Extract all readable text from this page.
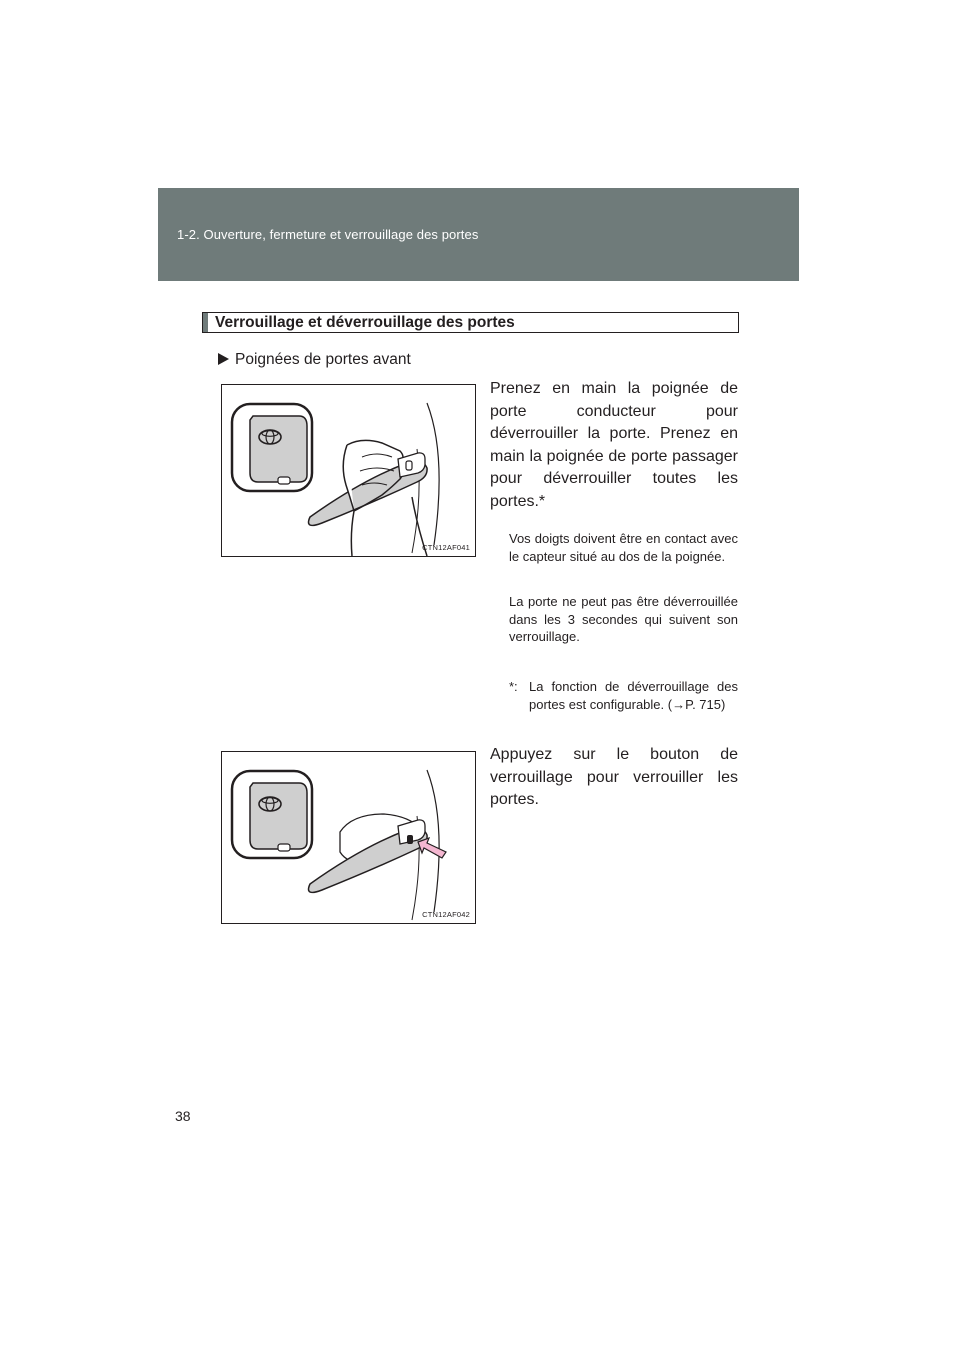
1-2. Ouverture, fermeture et verrouillage des portes
Verrouillage et déverrouillage des portes
Poignées de portes avant
CTN12AF041
CTN12AF042
Prenez en main la poignée de porte conducteur pour déverrouiller la porte. Prenez en main la poignée de porte passager pour déverrouiller toutes les portes.*
Vos doigts doivent être en contact avec le capteur situé au dos de la poignée.
La porte ne peut pas être déverrouillée dans les 3 secondes qui suivent son verrouillage.
*: La fonction de déverrouillage des portes est configurable. (→P. 715)
Appuyez sur le bouton de verrouillage pour verrouiller les portes.
38
